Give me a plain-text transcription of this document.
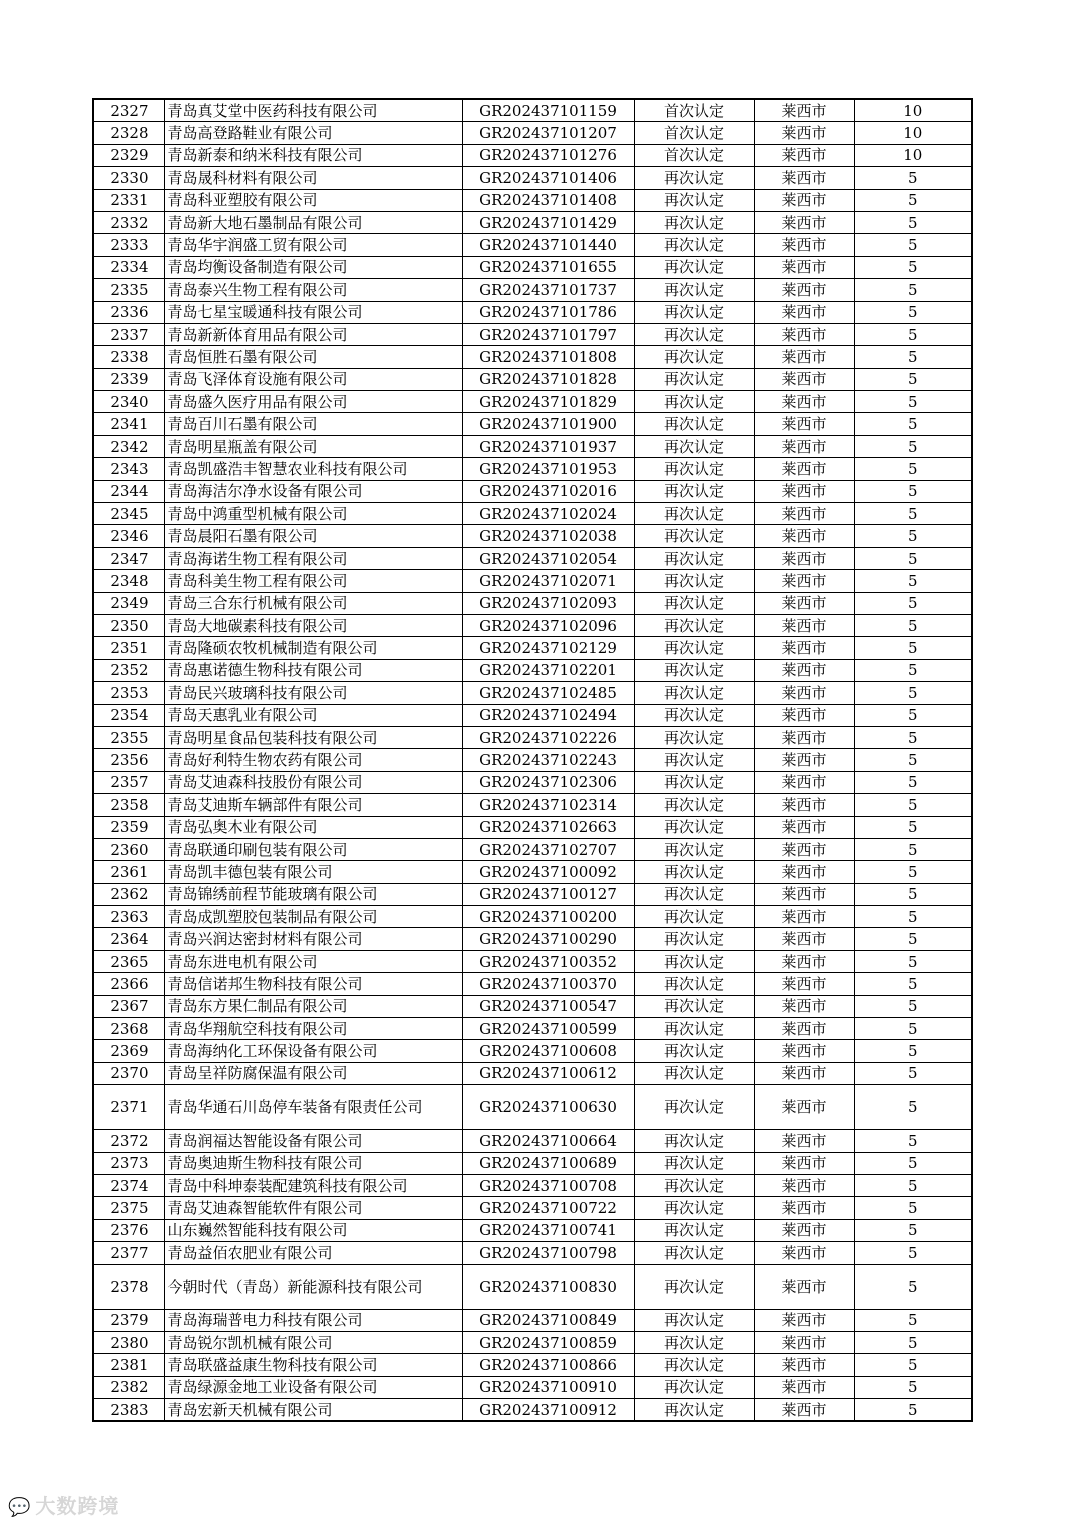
2327	青岛真艾堂中医药科技有限公司	GR202437101159	首次认定	莱西市	10
2328	青岛高登路鞋业有限公司	GR202437101207	首次认定	莱西市	10
2329	青岛新泰和纳米科技有限公司	GR202437101276	首次认定	莱西市	10
2330	青岛晟科材料有限公司	GR202437101406	再次认定	莱西市	5
2331	青岛科亚塑胶有限公司	GR202437101408	再次认定	莱西市	5
2332	青岛新大地石墨制品有限公司	GR202437101429	再次认定	莱西市	5
2333	青岛华宇润盛工贸有限公司	GR202437101440	再次认定	莱西市	5
2334	青岛均衡设备制造有限公司	GR202437101655	再次认定	莱西市	5
2335	青岛泰兴生物工程有限公司	GR202437101737	再次认定	莱西市	5
2336	青岛七星宝暖通科技有限公司	GR202437101786	再次认定	莱西市	5
2337	青岛新新体育用品有限公司	GR202437101797	再次认定	莱西市	5
2338	青岛恒胜石墨有限公司	GR202437101808	再次认定	莱西市	5
2339	青岛飞泽体育设施有限公司	GR202437101828	再次认定	莱西市	5
2340	青岛盛久医疗用品有限公司	GR202437101829	再次认定	莱西市	5
2341	青岛百川石墨有限公司	GR202437101900	再次认定	莱西市	5
2342	青岛明星瓶盖有限公司	GR202437101937	再次认定	莱西市	5
2343	青岛凯盛浩丰智慧农业科技有限公司	GR202437101953	再次认定	莱西市	5
2344	青岛海洁尔净水设备有限公司	GR202437102016	再次认定	莱西市	5
2345	青岛中鸿重型机械有限公司	GR202437102024	再次认定	莱西市	5
2346	青岛晨阳石墨有限公司	GR202437102038	再次认定	莱西市	5
2347	青岛海诺生物工程有限公司	GR202437102054	再次认定	莱西市	5
2348	青岛科美生物工程有限公司	GR202437102071	再次认定	莱西市	5
2349	青岛三合东行机械有限公司	GR202437102093	再次认定	莱西市	5
2350	青岛大地碳素科技有限公司	GR202437102096	再次认定	莱西市	5
2351	青岛隆硕农牧机械制造有限公司	GR202437102129	再次认定	莱西市	5
2352	青岛惠诺德生物科技有限公司	GR202437102201	再次认定	莱西市	5
2353	青岛民兴玻璃科技有限公司	GR202437102485	再次认定	莱西市	5
2354	青岛天惠乳业有限公司	GR202437102494	再次认定	莱西市	5
2355	青岛明星食品包装科技有限公司	GR202437102226	再次认定	莱西市	5
2356	青岛好利特生物农药有限公司	GR202437102243	再次认定	莱西市	5
2357	青岛艾迪森科技股份有限公司	GR202437102306	再次认定	莱西市	5
2358	青岛艾迪斯车辆部件有限公司	GR202437102314	再次认定	莱西市	5
2359	青岛弘奥木业有限公司	GR202437102663	再次认定	莱西市	5
2360	青岛联通印刷包装有限公司	GR202437102707	再次认定	莱西市	5
2361	青岛凯丰德包装有限公司	GR202437100092	再次认定	莱西市	5
2362	青岛锦绣前程节能玻璃有限公司	GR202437100127	再次认定	莱西市	5
2363	青岛成凯塑胶包装制品有限公司	GR202437100200	再次认定	莱西市	5
2364	青岛兴润达密封材料有限公司	GR202437100290	再次认定	莱西市	5
2365	青岛东进电机有限公司	GR202437100352	再次认定	莱西市	5
2366	青岛信诺邦生物科技有限公司	GR202437100370	再次认定	莱西市	5
2367	青岛东方果仁制品有限公司	GR202437100547	再次认定	莱西市	5
2368	青岛华翔航空科技有限公司	GR202437100599	再次认定	莱西市	5
2369	青岛海纳化工环保设备有限公司	GR202437100608	再次认定	莱西市	5
2370	青岛呈祥防腐保温有限公司	GR202437100612	再次认定	莱西市	5
2371	青岛华通石川岛停车装备有限责任公司	GR202437100630	再次认定	莱西市	5
2372	青岛润福达智能设备有限公司	GR202437100664	再次认定	莱西市	5
2373	青岛奥迪斯生物科技有限公司	GR202437100689	再次认定	莱西市	5
2374	青岛中科坤泰装配建筑科技有限公司	GR202437100708	再次认定	莱西市	5
2375	青岛艾迪森智能软件有限公司	GR202437100722	再次认定	莱西市	5
2376	山东巍然智能科技有限公司	GR202437100741	再次认定	莱西市	5
2377	青岛益佰农肥业有限公司	GR202437100798	再次认定	莱西市	5
2378	今朝时代（青岛）新能源科技有限公司	GR202437100830	再次认定	莱西市	5
2379	青岛海瑞普电力科技有限公司	GR202437100849	再次认定	莱西市	5
2380	青岛锐尔凯机械有限公司	GR202437100859	再次认定	莱西市	5
2381	青岛联盛益康生物科技有限公司	GR202437100866	再次认定	莱西市	5
2382	青岛绿源金地工业设备有限公司	GR202437100910	再次认定	莱西市	5
2383	青岛宏新天机械有限公司	GR202437100912	再次认定	莱西市	5
💬 大数跨境
